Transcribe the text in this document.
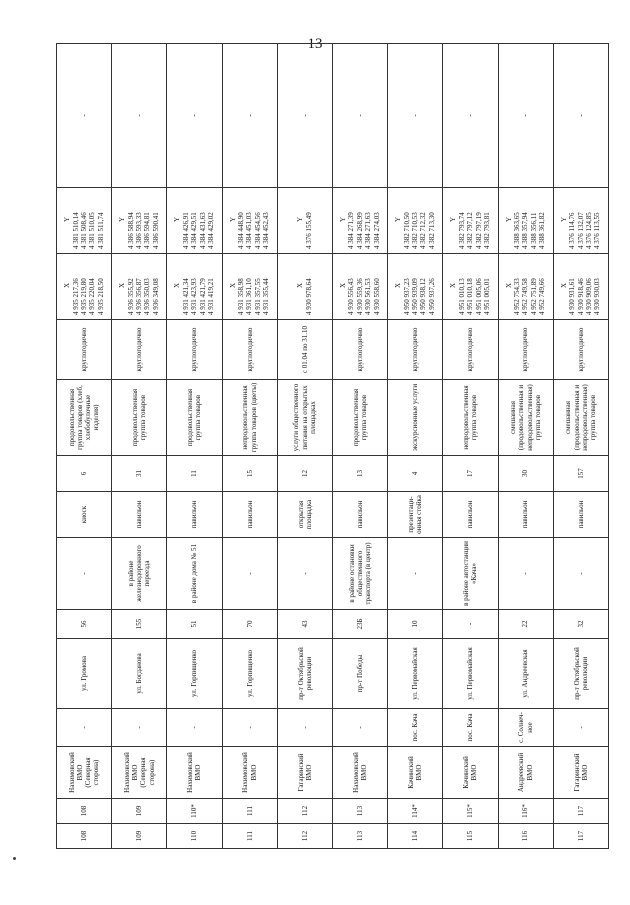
13
108	108	Нахимовский ВМО (Северная сторона)	-	ул. Громова	56	-	киоск	6	продовольственная группа товаров (хлеб, хлебобулочные изделия)	круглогодично	X 4 935 217,36 4 935 219,80 4 935 220,04 4 935 218,50	Y 4 381 510,14 4 381 508,46 4 381 510,05 4 381 511,74	-
109	109	Нахимовский ВМО (Северная сторона)	-	ул. Богданова	155	в районе железнодорожного переезда	павильон	31	продовольственная группа товаров	круглогодично	X 4 936 355,92 4 936 356,87 4 936 350,03 4 936 349,08	Y 4 386 588,94 4 386 593,33 4 386 594,81 4 386 590,41	-
110	110*	Нахимовский ВМО	-	ул. Горпищенко	51	в районе дома № 51	павильон	11	продовольственная группа товаров	круглогодично	X 4 931 421,34 4 931 423,93 4 931 421,79 4 931 419,21	Y 4 384 426,91 4 384 429,51 4 384 431,63 4 384 429,02	-
111	111	Нахимовский ВМО	-	ул. Горпищенко	70	-	павильон	15	непродовольственная группа товаров (цветы)	круглогодично	X 4 931 358,98 4 931 361,10 4 931 357,55 4 931 355,44	Y 4 384 448,90 4 384 451,03 4 384 454,56 4 384 452,43	-
112	112	Гагаринский ВМО	-	пр-т Октябрьской революции	43	-	открытая площадка	12	услуги общественного питания на открытых площадках	с 01.04 по 31.10	X 4 930 978,64	Y 4 376 155,49	-
113	113	Нахимовский ВМО	-	пр-т Победы	23Б	в районе остановки общественного транспорта (в центр)	павильон	13	продовольственная группа товаров	круглогодично	X 4 930 556,43 4 930 559,36 4 930 561,53 4 930 558,60	Y 4 384 271,39 4 384 268,99 4 384 271,63 4 384 274,03	-
114	114*	Качинский ВМО	пос. Кача	ул. Первомайская	10	-	презентаци-онная стойка	4	экскурсионные услуги	круглогодично	X 4 950 937,23 4 950 939,09 4 950 938,12 4 950 937,26	Y 4 382 710,50 4 382 710,53 4 382 712,32 4 382 713,30	-
115	115*	Качинский ВМО	пос. Кача	ул. Первомайская	-	в районе автостанции «Кача»	павильон	17	непродовольственная группа товаров	круглогодично	X 4 951 010,13 4 951 010,18 4 951 005,06 4 951 005,01	Y 4 382 793,74 4 382 797,12 4 382 797,19 4 382 793,81	-
116	116*	Андреевский ВМО	с. Солнеч-ное	ул. Андреевская	22	-	павильон	30	смешанная (продовольственная и непродовольственная) группа товаров	круглогодично	X 4 952 754,33 4 952 749,58 4 952 751,89 4 952 749,66	Y 4 388 363,65 4 388 357,94 4 388 356,11 4 388 361,82	-
117	117	Гагаринский ВМО	-	пр-т Октябрьской революции	32	-	павильон	157	смешанная (продовольственная и непродовольственная) группа товаров	круглогодично	X 4 930 931,61 4 930 918,46 4 930 909,06 4 930 930,03	Y 4 376 114,76 4 376 132,07 4 376 124,85 4 376 113,55	-
